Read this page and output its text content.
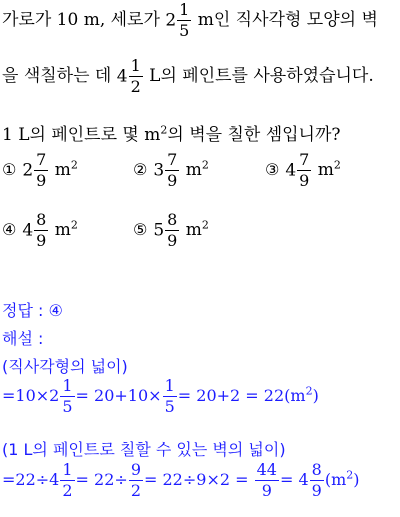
가로가 10 m, 세로가 $2 \frac{1}{5}$ m인 직사각형 모양의 벽
을 색칠하는 데 $4 \frac{1}{2}$ L의 페인트를 사용하였습니다.
1 L의 페인트로 몇 $m^2$의 벽을 칠한 셈입니까?
① $2 \frac{7}{9} m^2$	② $3 \frac{7}{9} m^2$	③ $4 \frac{7}{9} m^2$
④ $4 \frac{8}{9} m^2$	⑤ $5 \frac{8}{9} m^2$
정답 : ④
해설 :
(직사각형의 넓이)
$=10\times 2 \frac{1}{5} = 20+10\times \frac{1}{5} = 20+2 = 22(m^2)$
(1 L의 페인트로 칠할 수 있는 벽의 넓이)
$=22\div 4 \frac{1}{2} = 22\div \frac{9}{2} = 22\div 9\times 2 = \frac{44}{9} = 4 \frac{8}{9} (m^2)$
